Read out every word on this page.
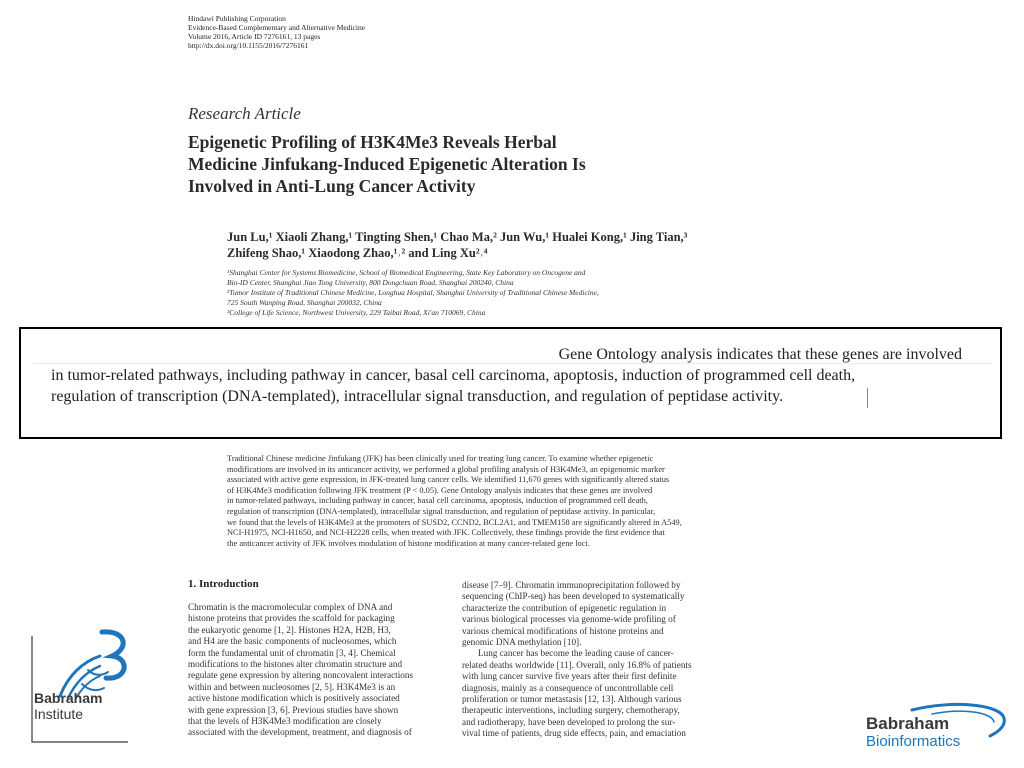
Hindawi Publishing Corporation
Evidence-Based Complementary and Alternative Medicine
Volume 2016, Article ID 7276161, 13 pages
http://dx.doi.org/10.1155/2016/7276161
Research Article
Epigenetic Profiling of H3K4Me3 Reveals Herbal
Medicine Jinfukang-Induced Epigenetic Alteration Is
Involved in Anti-Lung Cancer Activity
Jun Lu,¹ Xiaoli Zhang,¹ Tingting Shen,¹ Chao Ma,² Jun Wu,¹ Hualei Kong,¹ Jing Tian,³
Zhifeng Shao,¹ Xiaodong Zhao,¹˒² and Ling Xu²˒⁴
¹Shanghai Center for Systems Biomedicine, School of Biomedical Engineering, State Key Laboratory on Oncogene and
Bio-ID Center, Shanghai Jiao Tong University, 800 Dongchuan Road, Shanghai 200240, China
²Tumor Institute of Traditional Chinese Medicine, Longhua Hospital, Shanghai University of Traditional Chinese Medicine,
725 South Wanping Road, Shanghai 200032, China
³College of Life Science, Northwest University, 229 Taibai Road, Xi'an 710069, China
Gene Ontology analysis indicates that these genes are involved
in tumor-related pathways, including pathway in cancer, basal cell carcinoma, apoptosis, induction of programmed cell death,
regulation of transcription (DNA-templated), intracellular signal transduction, and regulation of peptidase activity.
Traditional Chinese medicine Jinfukang (JFK) has been clinically used for treating lung cancer. To examine whether epigenetic
modifications are involved in its anticancer activity, we performed a global profiling analysis of H3K4Me3, an epigenomic marker
associated with active gene expression, in JFK-treated lung cancer cells. We identified 11,670 genes with significantly altered status
of H3K4Me3 modification following JFK treatment (P < 0.05). Gene Ontology analysis indicates that these genes are involved
in tumor-related pathways, including pathway in cancer, basal cell carcinoma, apoptosis, induction of programmed cell death,
regulation of transcription (DNA-templated), intracellular signal transduction, and regulation of peptidase activity. In particular,
we found that the levels of H3K4Me3 at the promoters of SUSD2, CCND2, BCL2A1, and TMEM158 are significantly altered in A549,
NCI-H1975, NCI-H1650, and NCI-H2228 cells, when treated with JFK. Collectively, these findings provide the first evidence that
the anticancer activity of JFK involves modulation of histone modification at many cancer-related gene loci.
1. Introduction
Chromatin is the macromolecular complex of DNA and
histone proteins that provides the scaffold for packaging
the eukaryotic genome [1, 2]. Histones H2A, H2B, H3,
and H4 are the basic components of nucleosomes, which
form the fundamental unit of chromatin [3, 4]. Chemical
modifications to the histones alter chromatin structure and
regulate gene expression by altering noncovalent interactions
within and between nucleosomes [2, 5]. H3K4Me3 is an
active histone modification which is positively associated
with gene expression [3, 6]. Previous studies have shown
that the levels of H3K4Me3 modification are closely
associated with the development, treatment, and diagnosis of
disease [7–9]. Chromatin immunoprecipitation followed by
sequencing (ChIP-seq) has been developed to systematically
characterize the contribution of epigenetic regulation in
various biological processes via genome-wide profiling of
various chemical modifications of histone proteins and
genomic DNA methylation [10].
Lung cancer has become the leading cause of cancer-
related deaths worldwide [11]. Overall, only 16.8% of patients
with lung cancer survive five years after their first definite
diagnosis, mainly as a consequence of uncontrollable cell
proliferation or tumor metastasis [12, 13]. Although various
therapeutic interventions, including surgery, chemotherapy,
and radiotherapy, have been developed to prolong the sur-
vival time of patients, drug side effects, pain, and emaciation
Babraham
Institute	Babraham
Bioinformatics
